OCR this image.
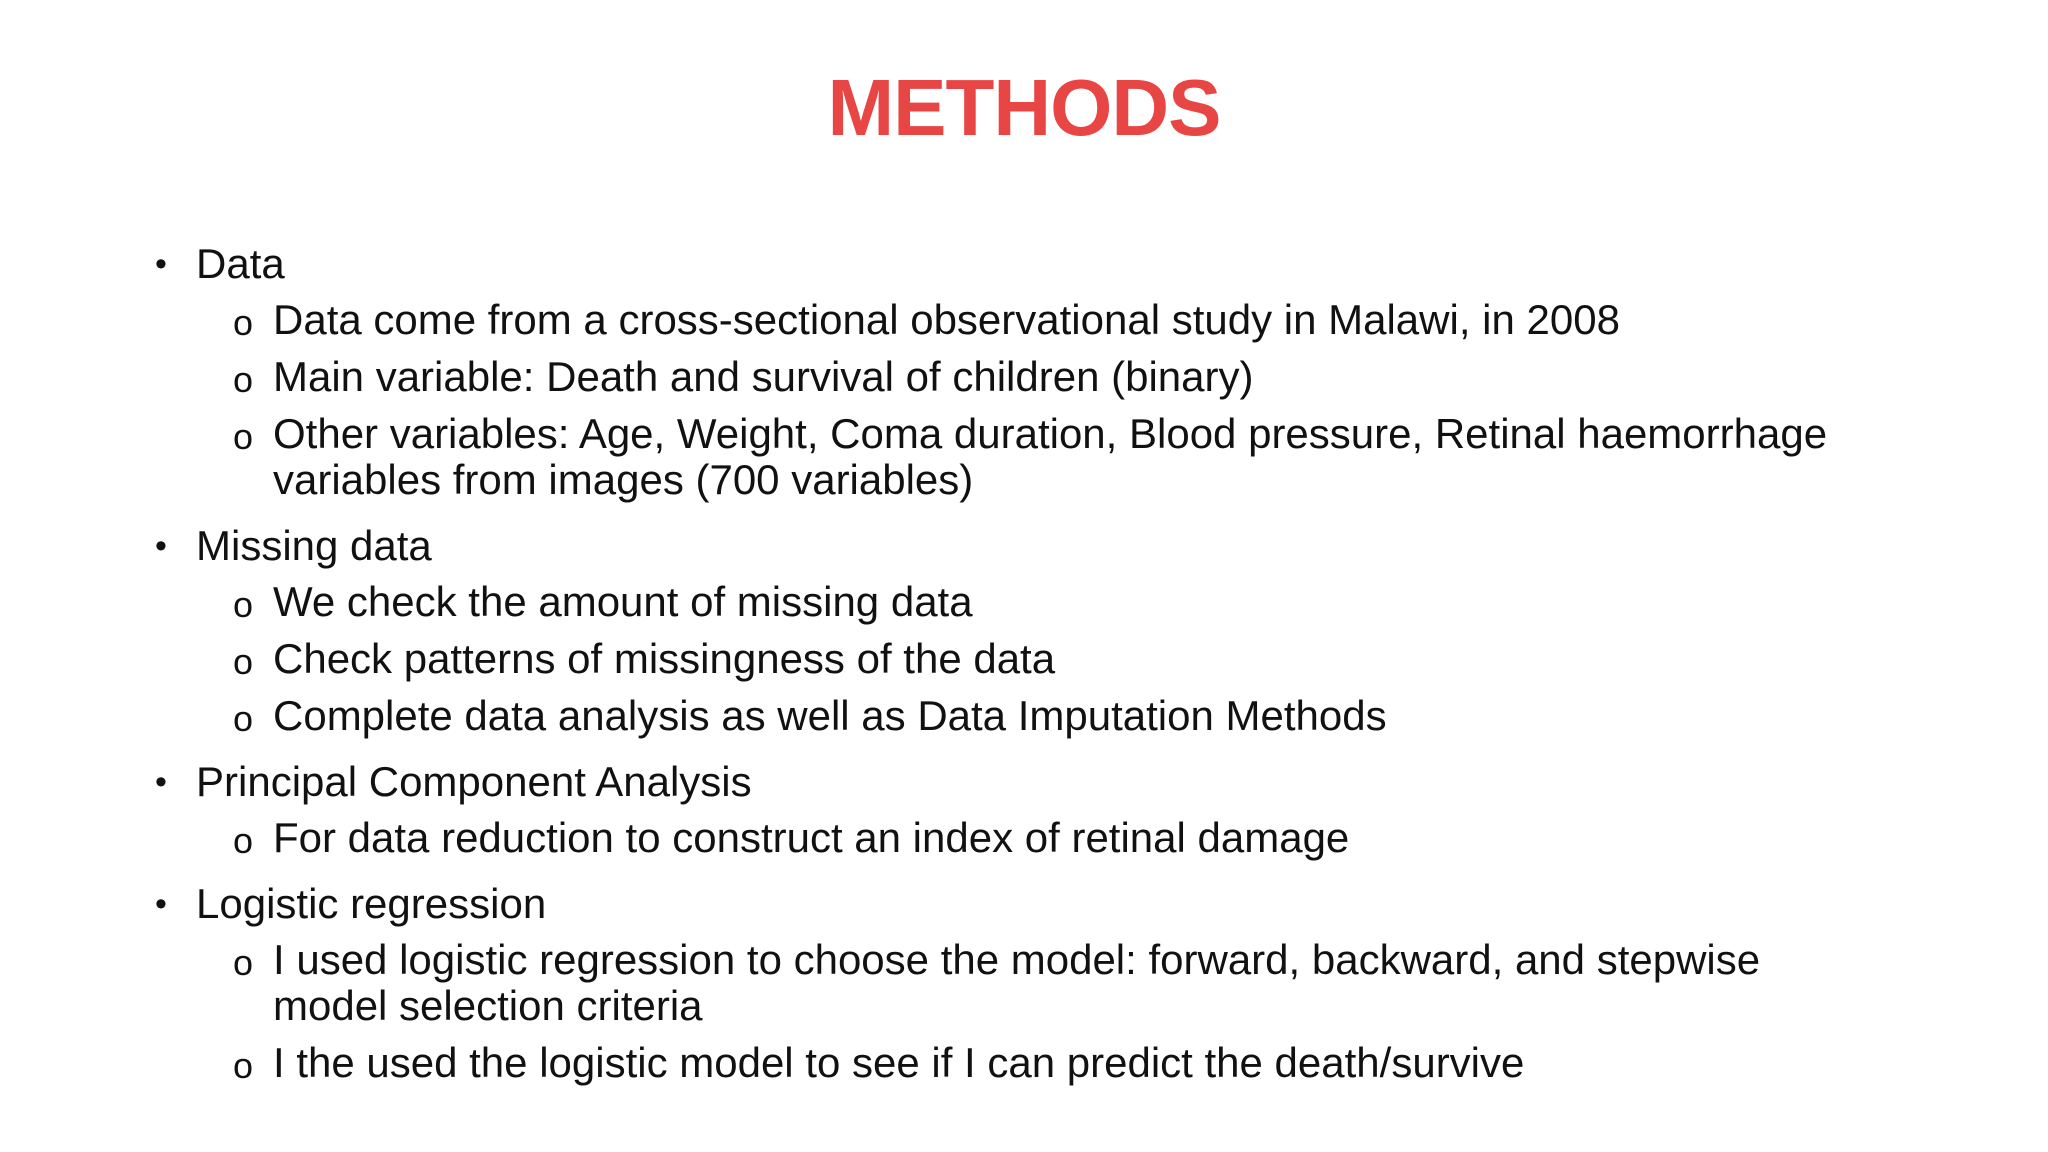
METHODS
• Data
o Data come from a cross-sectional observational study in Malawi, in 2008
o Main variable: Death and survival of children (binary)
o Other variables: Age, Weight, Coma duration, Blood pressure, Retinal haemorrhage variables from images (700 variables)
• Missing data
o We check the amount of missing data
o Check patterns of missingness of the data
o Complete data analysis as well as Data Imputation Methods
• Principal Component Analysis
o For data reduction to construct an index of retinal damage
• Logistic regression
o I used logistic regression to choose the model: forward, backward, and stepwise model selection criteria
o I the used the logistic model to see if I can predict the death/survive
